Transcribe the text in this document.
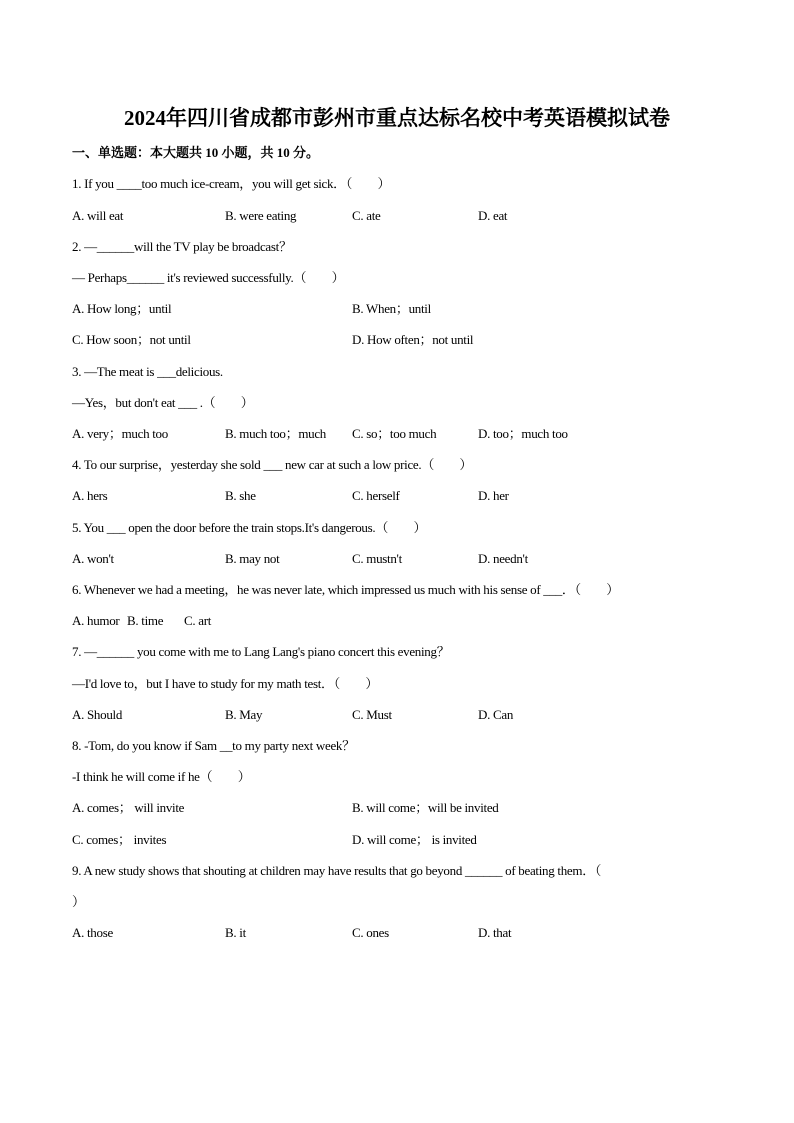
2024年四川省成都市彭州市重点达标名校中考英语模拟试卷
一、单选题：本大题共 10 小题，共 10 分。
1. If you ____too much ice-cream，you will get sick．（　　）
A. will eat	B. were eating	C. ate	D. eat
2. —______will the TV play be broadcast？
— Perhaps______ it's reviewed successfully.（　　）
A. How long；until	B. When；until
C. How soon；not until	D. How often；not until
3. —The meat is ___delicious.
—Yes，but don't eat ___ .（　　）
A. very；much too	B. much too；much C. so；too much	D. too；much too
4. To our surprise，yesterday she sold ___ new car at such a low price.（　　）
A. hers	B. she	C. herself	D. her
5. You ___ open the door before the train stops.It's dangerous.（　　）
A. won't	B. may not	C. mustn't	D. needn't
6. Whenever we had a meeting，he was never late, which impressed us much with his sense of ___．（　　）
A. humor B. time C. art
7. —______ you come with me to Lang Lang's piano concert this evening？
—I'd love to，but I have to study for my math test．（　　）
A. Should	B. May	C. Must	D. Can
8. -Tom, do you know if Sam __to my party next week？
-I think he will come if he（　　）
A. comes； will invite	B. will come；will be invited
C. comes； invites	D. will come； is invited
9. A new study shows that shouting at children may have results that go beyond ______ of beating them．（
）
A. those	B. it	C. ones	D. that
